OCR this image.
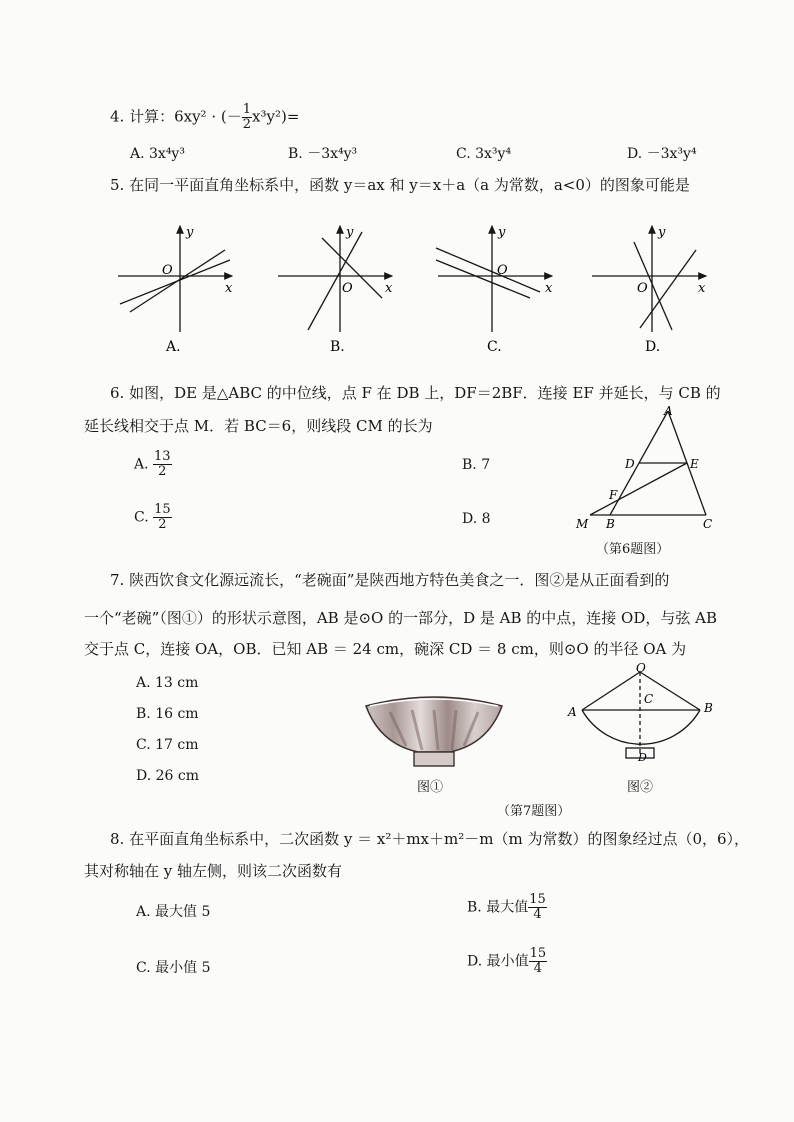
4. 计算：6xy² · (－ $\frac{1}{2} x^3y^2)=$
A. 3x⁴y³	B. －3x⁴y³	C. 3x³y⁴	D. －3x³y⁴
5. 在同一平面直角坐标系中，函数 y＝ax 和 y＝x＋a（a 为常数，a<0）的图象可能是
x
y
O
A.
x
y
O
B.
x
y
O
C.
x
y
O
D.
6. 如图，DE 是△ABC 的中位线，点 F 在 DB 上，DF＝2BF．连接 EF 并延长，与 CB 的
延长线相交于点 M．若 BC＝6，则线段 CM 的长为
A. $\frac{13}{2}$	B. 7
C. $\frac{15}{2}$	D. 8
A
D	E
F
M B	C
（第6题图）
7. 陕西饮食文化源远流长，“老碗面”是陕西地方特色美食之一．图②是从正面看到的
一个“老碗”（图①）的形状示意图，AB 是⊙O 的一部分，D 是 AB 的中点，连接 OD，与弦 AB
交于点 C，连接 OA，OB．已知 AB ＝ 24 cm，碗深 CD ＝ 8 cm，则⊙O 的半径 OA 为
A. 13 cm
B. 16 cm
C. 17 cm
D. 26 cm
图①
O
C
A	B
D
图②
（第7题图）
8. 在平面直角坐标系中，二次函数 y ＝ x²＋mx＋m²－m（m 为常数）的图象经过点（0，6），
其对称轴在 y 轴左侧，则该二次函数有
A. 最大值 5	B. 最大值 $\frac{15}{4}$
C. 最小值 5	D. 最小值 $\frac{15}{4}$
